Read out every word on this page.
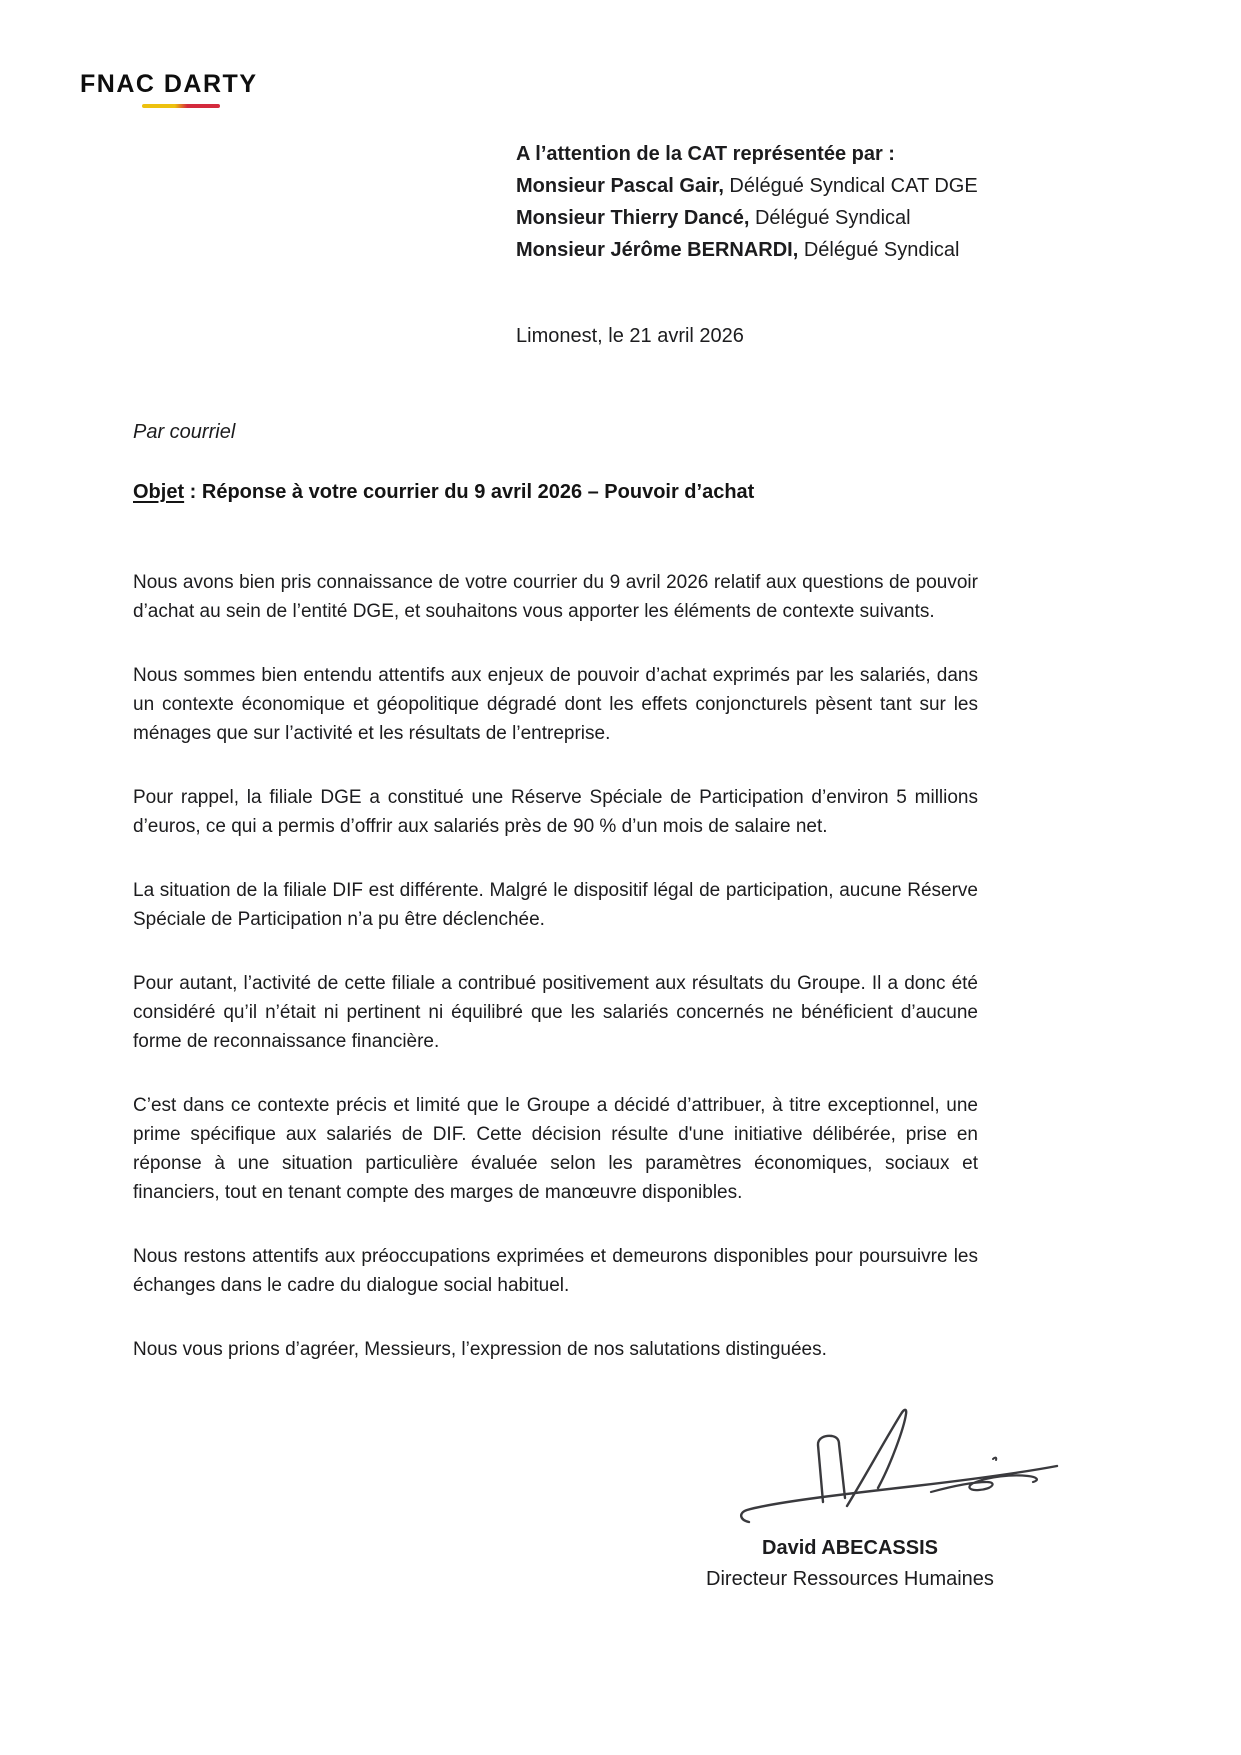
FNAC DARTY
A l’attention de la CAT représentée par :
Monsieur Pascal Gair, Délégué Syndical CAT DGE
Monsieur Thierry Dancé, Délégué Syndical
Monsieur Jérôme BERNARDI, Délégué Syndical
Limonest, le 21 avril 2026
Par courriel
Objet : Réponse à votre courrier du 9 avril 2026 – Pouvoir d’achat

Nous avons bien pris connaissance de votre courrier du 9 avril 2026 relatif aux questions de pouvoir d’achat au sein de l’entité DGE, et souhaitons vous apporter les éléments de contexte suivants.

Nous sommes bien entendu attentifs aux enjeux de pouvoir d’achat exprimés par les salariés, dans un contexte économique et géopolitique dégradé dont les effets conjoncturels pèsent tant sur les ménages que sur l’activité et les résultats de l’entreprise.

Pour rappel, la filiale DGE a constitué une Réserve Spéciale de Participation d’environ 5 millions d’euros, ce qui a permis d’offrir aux salariés près de 90 % d’un mois de salaire net.

La situation de la filiale DIF est différente. Malgré le dispositif légal de participation, aucune Réserve Spéciale de Participation n’a pu être déclenchée.

Pour autant, l’activité de cette filiale a contribué positivement aux résultats du Groupe. Il a donc été considéré qu’il n’était ni pertinent ni équilibré que les salariés concernés ne bénéficient d’aucune forme de reconnaissance financière.

C’est dans ce contexte précis et limité que le Groupe a décidé d’attribuer, à titre exceptionnel, une prime spécifique aux salariés de DIF. Cette décision résulte d'une initiative délibérée, prise en réponse à une situation particulière évaluée selon les paramètres économiques, sociaux et financiers, tout en tenant compte des marges de manœuvre disponibles.

Nous restons attentifs aux préoccupations exprimées et demeurons disponibles pour poursuivre les échanges dans le cadre du dialogue social habituel.

Nous vous prions d’agréer, Messieurs, l’expression de nos salutations distinguées.

David ABECASSIS
Directeur Ressources Humaines
